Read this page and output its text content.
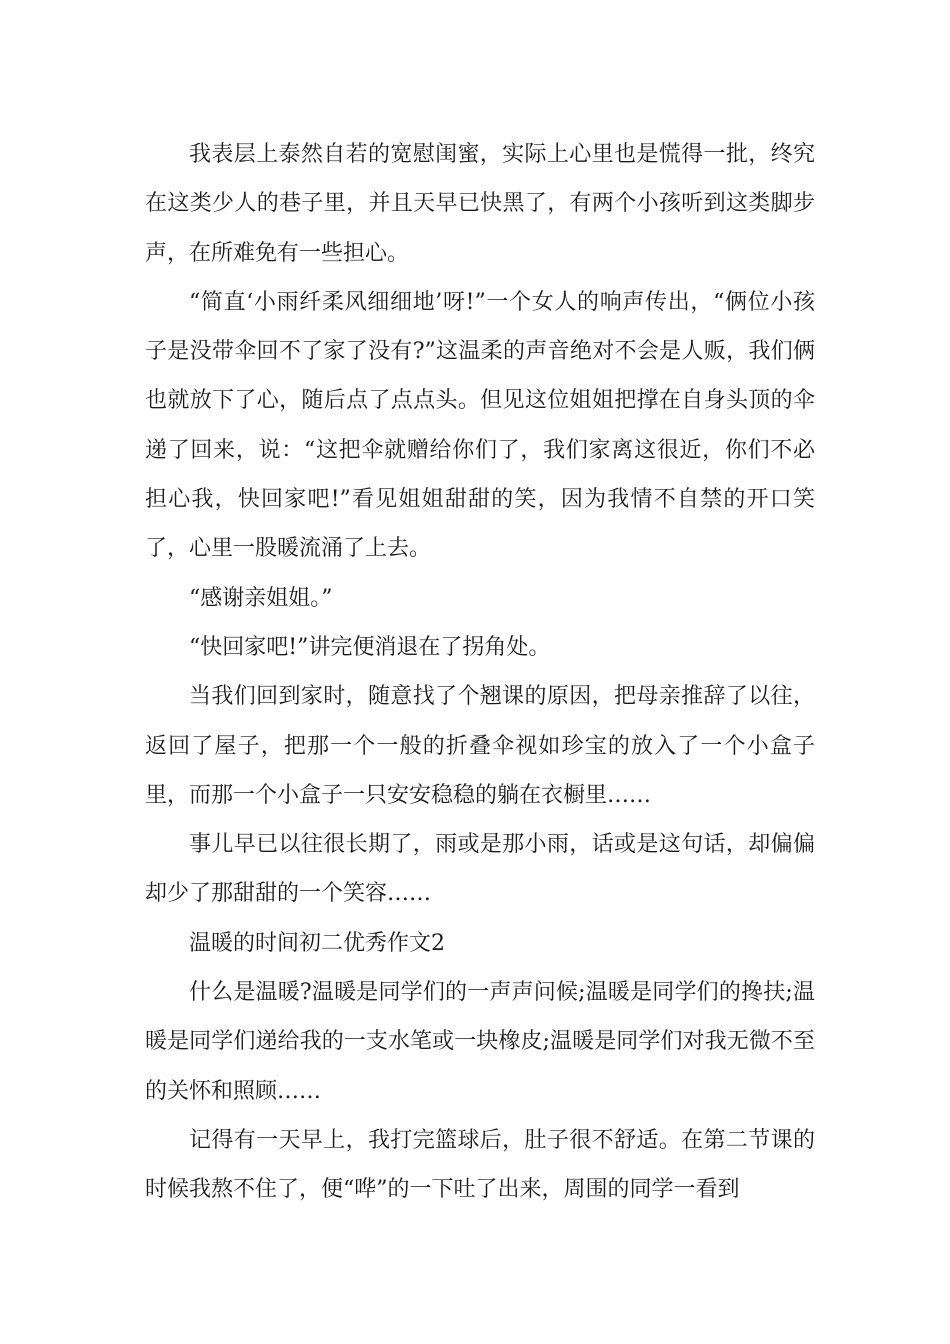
我表层上泰然自若的宽慰闺蜜，实际上心里也是慌得一批，终究在这类少人的巷子里，并且天早已快黑了，有两个小孩听到这类脚步声，在所难免有一些担心。

“简直‘小雨纤柔风细细地’呀!”一个女人的响声传出，“俩位小孩子是没带伞回不了家了没有?”这温柔的声音绝对不会是人贩，我们俩也就放下了心，随后点了点点头。但见这位姐姐把撑在自身头顶的伞递了回来，说：“这把伞就赠给你们了，我们家离这很近，你们不必担心我，快回家吧!”看见姐姐甜甜的笑，因为我情不自禁的开口笑了，心里一股暖流涌了上去。

“感谢亲姐姐。”

“快回家吧!”讲完便消退在了拐角处。

当我们回到家时，随意找了个翘课的原因，把母亲推辞了以往，返回了屋子，把那一个一般的折叠伞视如珍宝的放入了一个小盒子里，而那一个小盒子一只安安稳稳的躺在衣橱里……

事儿早已以往很长期了，雨或是那小雨，话或是这句话，却偏偏却少了那甜甜的一个笑容……

温暖的时间初二优秀作文2

什么是温暖?温暖是同学们的一声声问候;温暖是同学们的搀扶;温暖是同学们递给我的一支水笔或一块橡皮;温暖是同学们对我无微不至的关怀和照顾……

记得有一天早上，我打完篮球后，肚子很不舒适。在第二节课的时候我熬不住了，便“哗”的一下吐了出来，周围的同学一看到
